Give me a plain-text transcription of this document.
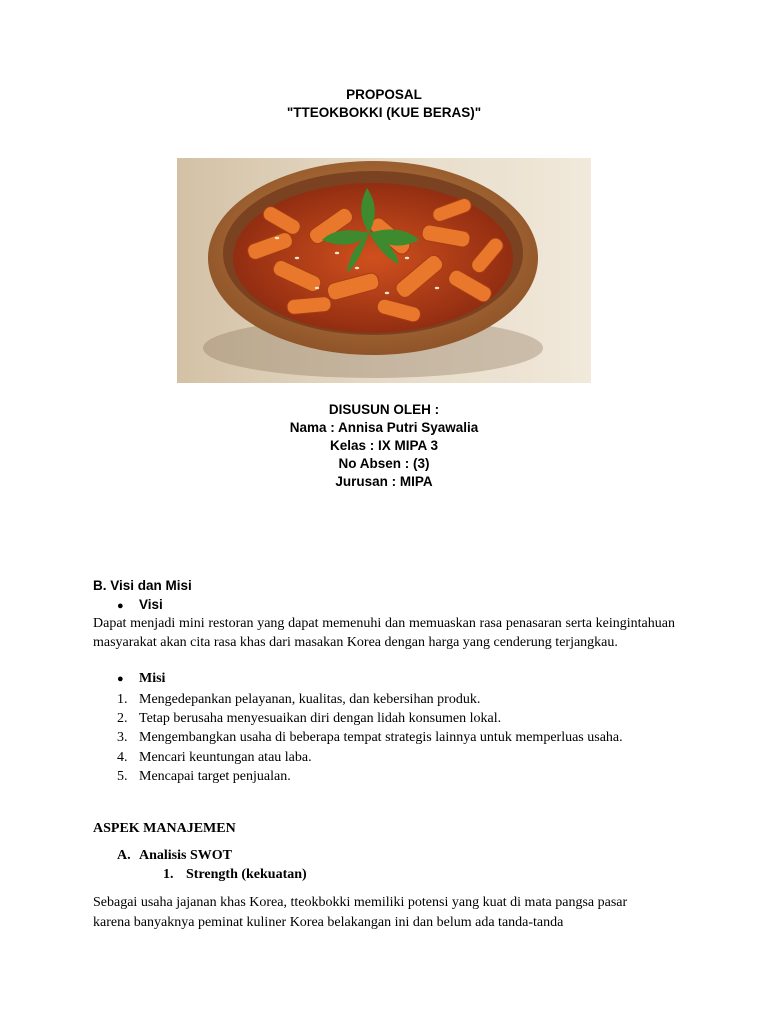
PROPOSAL
"TTEOKBOKKI (KUE BERAS)"
DISUSUN OLEH :
Nama : Annisa Putri Syawalia
Kelas : IX MIPA 3
No Absen : (3)
Jurusan : MIPA
B. Visi dan Misi
● Visi
Dapat menjadi mini restoran yang dapat memenuhi dan memuaskan rasa penasaran serta keingintahuan masyarakat akan cita rasa khas dari masakan Korea dengan harga yang cenderung terjangkau.
● Misi
1. Mengedepankan pelayanan, kualitas, dan kebersihan produk.
2. Tetap berusaha menyesuaikan diri dengan lidah konsumen lokal.
3. Mengembangkan usaha di beberapa tempat strategis lainnya untuk memperluas usaha.
4. Mencari keuntungan atau laba.
5. Mencapai target penjualan.
ASPEK MANAJEMEN
A. Analisis SWOT
1. Strength (kekuatan)
Sebagai usaha jajanan khas Korea, tteokbokki memiliki potensi yang kuat di mata pangsa pasar karena banyaknya peminat kuliner Korea belakangan ini dan belum ada tanda-tanda
